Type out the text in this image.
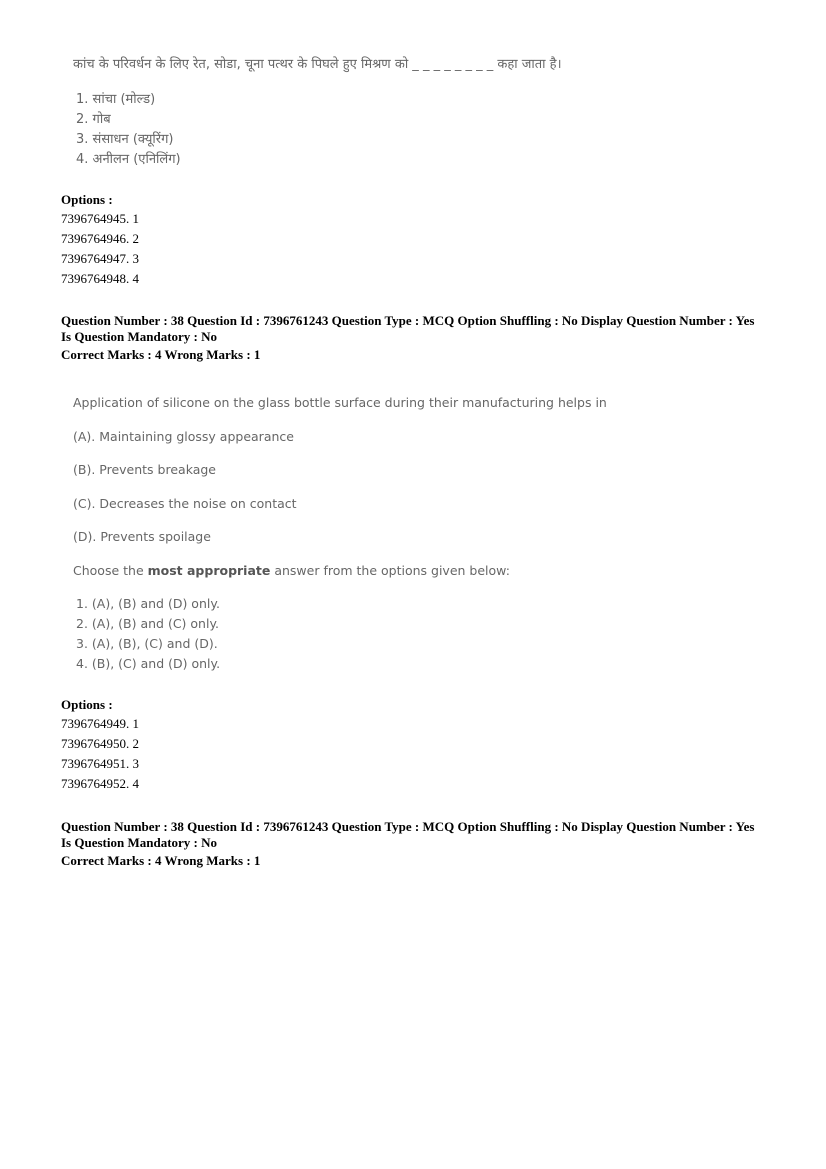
कांच के परिवर्धन के लिए रेत, सोडा, चूना पत्थर के पिघले हुए मिश्रण को _ _ _ _ _ _ _ _ कहा जाता है।
1. सांचा (मोल्ड)
2. गोब
3. संसाधन (क्यूरिंग)
4. अनीलन (एनिलिंग)
Options :
7396764945. 1
7396764946. 2
7396764947. 3
7396764948. 4
Question Number : 38 Question Id : 7396761243 Question Type : MCQ Option Shuffling : No Display Question Number : Yes
Is Question Mandatory : No
Correct Marks : 4 Wrong Marks : 1
Application of silicone on the glass bottle surface during their manufacturing helps in
(A). Maintaining glossy appearance
(B). Prevents breakage
(C). Decreases the noise on contact
(D). Prevents spoilage
Choose the most appropriate answer from the options given below:
1. (A), (B) and (D) only.
2. (A), (B) and (C) only.
3. (A), (B), (C) and (D).
4. (B), (C) and (D) only.
Options :
7396764949. 1
7396764950. 2
7396764951. 3
7396764952. 4
Question Number : 38 Question Id : 7396761243 Question Type : MCQ Option Shuffling : No Display Question Number : Yes
Is Question Mandatory : No
Correct Marks : 4 Wrong Marks : 1
